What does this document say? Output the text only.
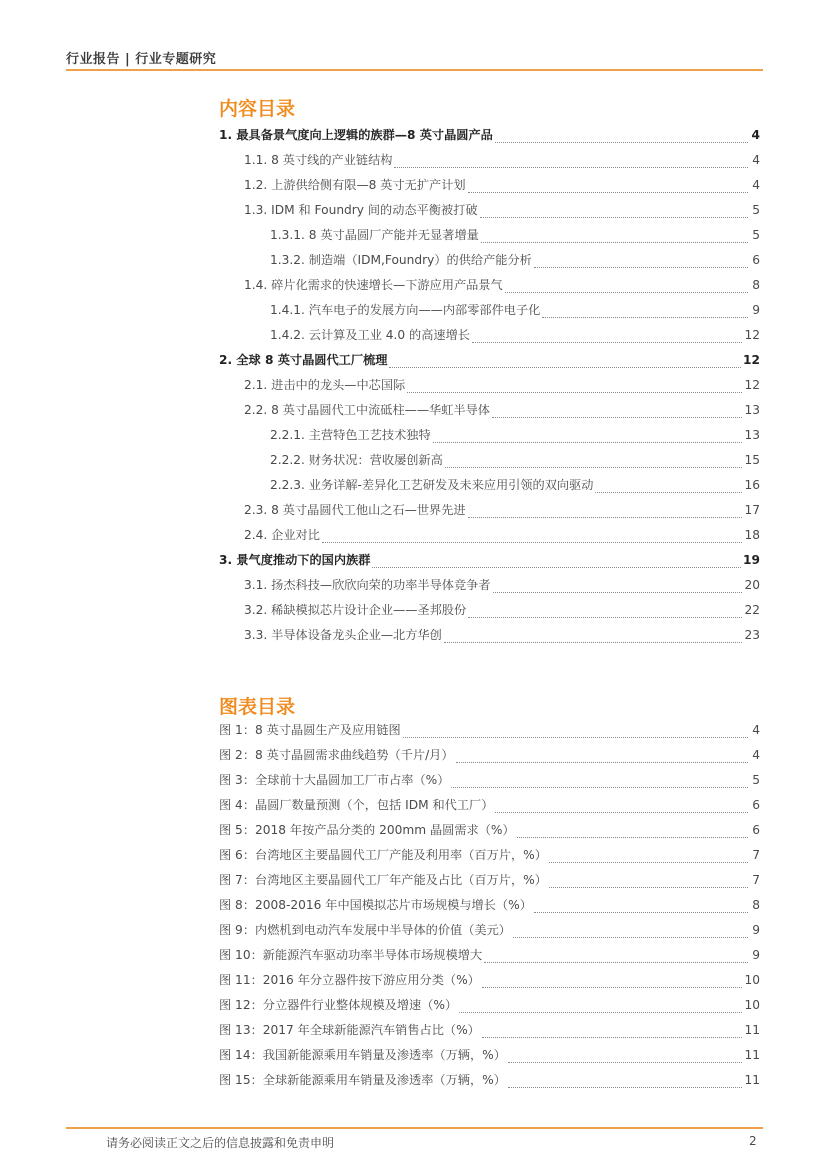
行业报告 | 行业专题研究
内容目录
1. 最具备景气度向上逻辑的族群—8 英寸晶圆产品	4
1.1. 8 英寸线的产业链结构	4
1.2. 上游供给侧有限—8 英寸无扩产计划	4
1.3. IDM 和 Foundry 间的动态平衡被打破	5
1.3.1. 8 英寸晶圆厂产能并无显著增量	5
1.3.2. 制造端（IDM,Foundry）的供给产能分析	6
1.4. 碎片化需求的快速增长—下游应用产品景气	8
1.4.1. 汽车电子的发展方向——内部零部件电子化	9
1.4.2. 云计算及工业 4.0 的高速增长	12
2. 全球 8 英寸晶圆代工厂梳理	12
2.1. 进击中的龙头—中芯国际	12
2.2. 8 英寸晶圆代工中流砥柱——华虹半导体	13
2.2.1. 主营特色工艺技术独特	13
2.2.2. 财务状况：营收屡创新高	15
2.2.3. 业务详解-差异化工艺研发及未来应用引领的双向驱动	16
2.3. 8 英寸晶圆代工他山之石—世界先进	17
2.4. 企业对比	18
3. 景气度推动下的国内族群	19
3.1. 扬杰科技—欣欣向荣的功率半导体竞争者	20
3.2. 稀缺模拟芯片设计企业——圣邦股份	22
3.3. 半导体设备龙头企业—北方华创	23
图表目录
图 1：8 英寸晶圆生产及应用链图	4
图 2：8 英寸晶圆需求曲线趋势（千片/月）	4
图 3：全球前十大晶圆加工厂市占率（%）	5
图 4：晶圆厂数量预测（个，包括 IDM 和代工厂）	6
图 5：2018 年按产品分类的 200mm 晶圆需求（%）	6
图 6：台湾地区主要晶圆代工厂产能及利用率（百万片，%）	7
图 7：台湾地区主要晶圆代工厂年产能及占比（百万片，%）	7
图 8：2008-2016 年中国模拟芯片市场规模与增长（%）	8
图 9：内燃机到电动汽车发展中半导体的价值（美元）	9
图 10：新能源汽车驱动功率半导体市场规模增大	9
图 11：2016 年分立器件按下游应用分类（%）	10
图 12：分立器件行业整体规模及增速（%）	10
图 13：2017 年全球新能源汽车销售占比（%）	11
图 14：我国新能源乘用车销量及渗透率（万辆，%）	11
图 15：全球新能源乘用车销量及渗透率（万辆，%）	11
请务必阅读正文之后的信息披露和免责申明	2
